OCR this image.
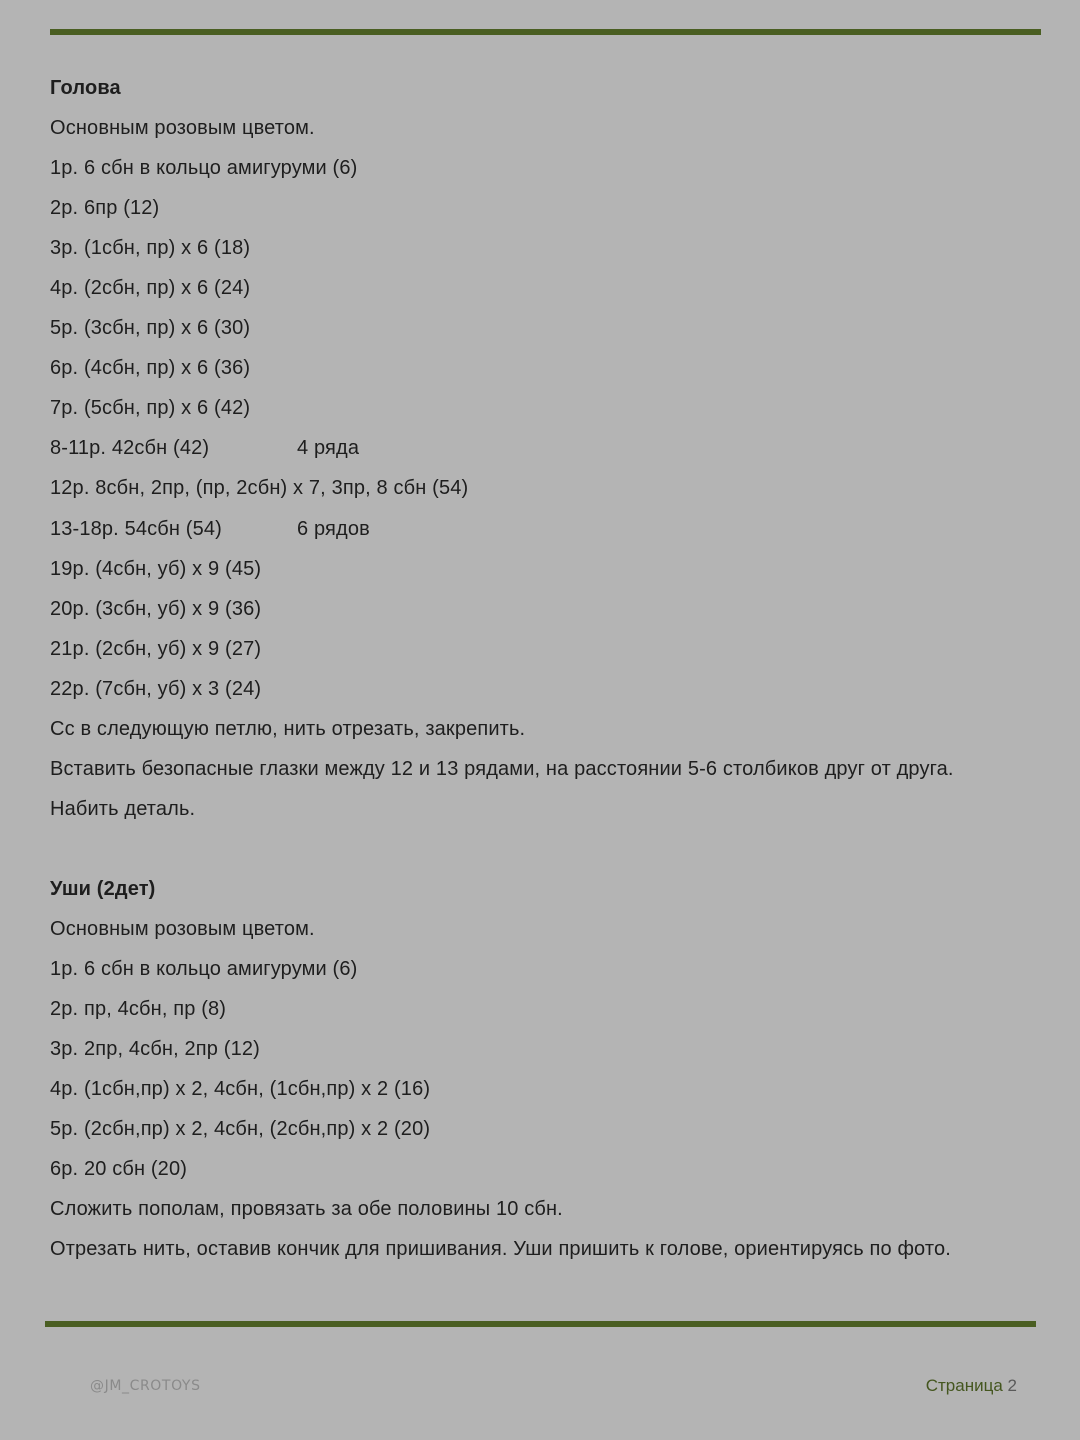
Голова
Основным розовым цветом.
1р. 6 сбн в кольцо амигуруми (6)
2р. 6пр (12)
3р. (1сбн, пр) х 6 (18)
4р. (2сбн, пр) х 6 (24)
5р. (3сбн, пр) х 6 (30)
6р. (4сбн, пр) х 6 (36)
7р. (5сбн, пр) х 6 (42)
8-11р. 42сбн (42)	4 ряда
12р. 8сбн, 2пр, (пр, 2сбн) х 7, 3пр, 8 сбн (54)
13-18р. 54сбн (54)	6 рядов
19р. (4сбн, уб) х 9 (45)
20р. (3сбн, уб) х 9 (36)
21р. (2сбн, уб) х 9 (27)
22р. (7сбн, уб) х 3 (24)
Сс в следующую петлю, нить отрезать, закрепить.
Вставить безопасные глазки между 12 и 13 рядами, на расстоянии 5-6 столбиков друг от друга.
Набить деталь.
Уши (2дет)
Основным розовым цветом.
1р. 6 сбн в кольцо амигуруми (6)
2р. пр, 4сбн, пр (8)
3р. 2пр, 4сбн, 2пр (12)
4р. (1сбн,пр) х 2, 4сбн, (1сбн,пр) х 2 (16)
5р. (2сбн,пр) х 2, 4сбн, (2сбн,пр) х 2 (20)
6р. 20 сбн (20)
Сложить пополам, провязать за обе половины 10 сбн.
Отрезать нить, оставив кончик для пришивания. Уши пришить к голове, ориентируясь по фото.
@JM_CROTOYS	Страница 2
